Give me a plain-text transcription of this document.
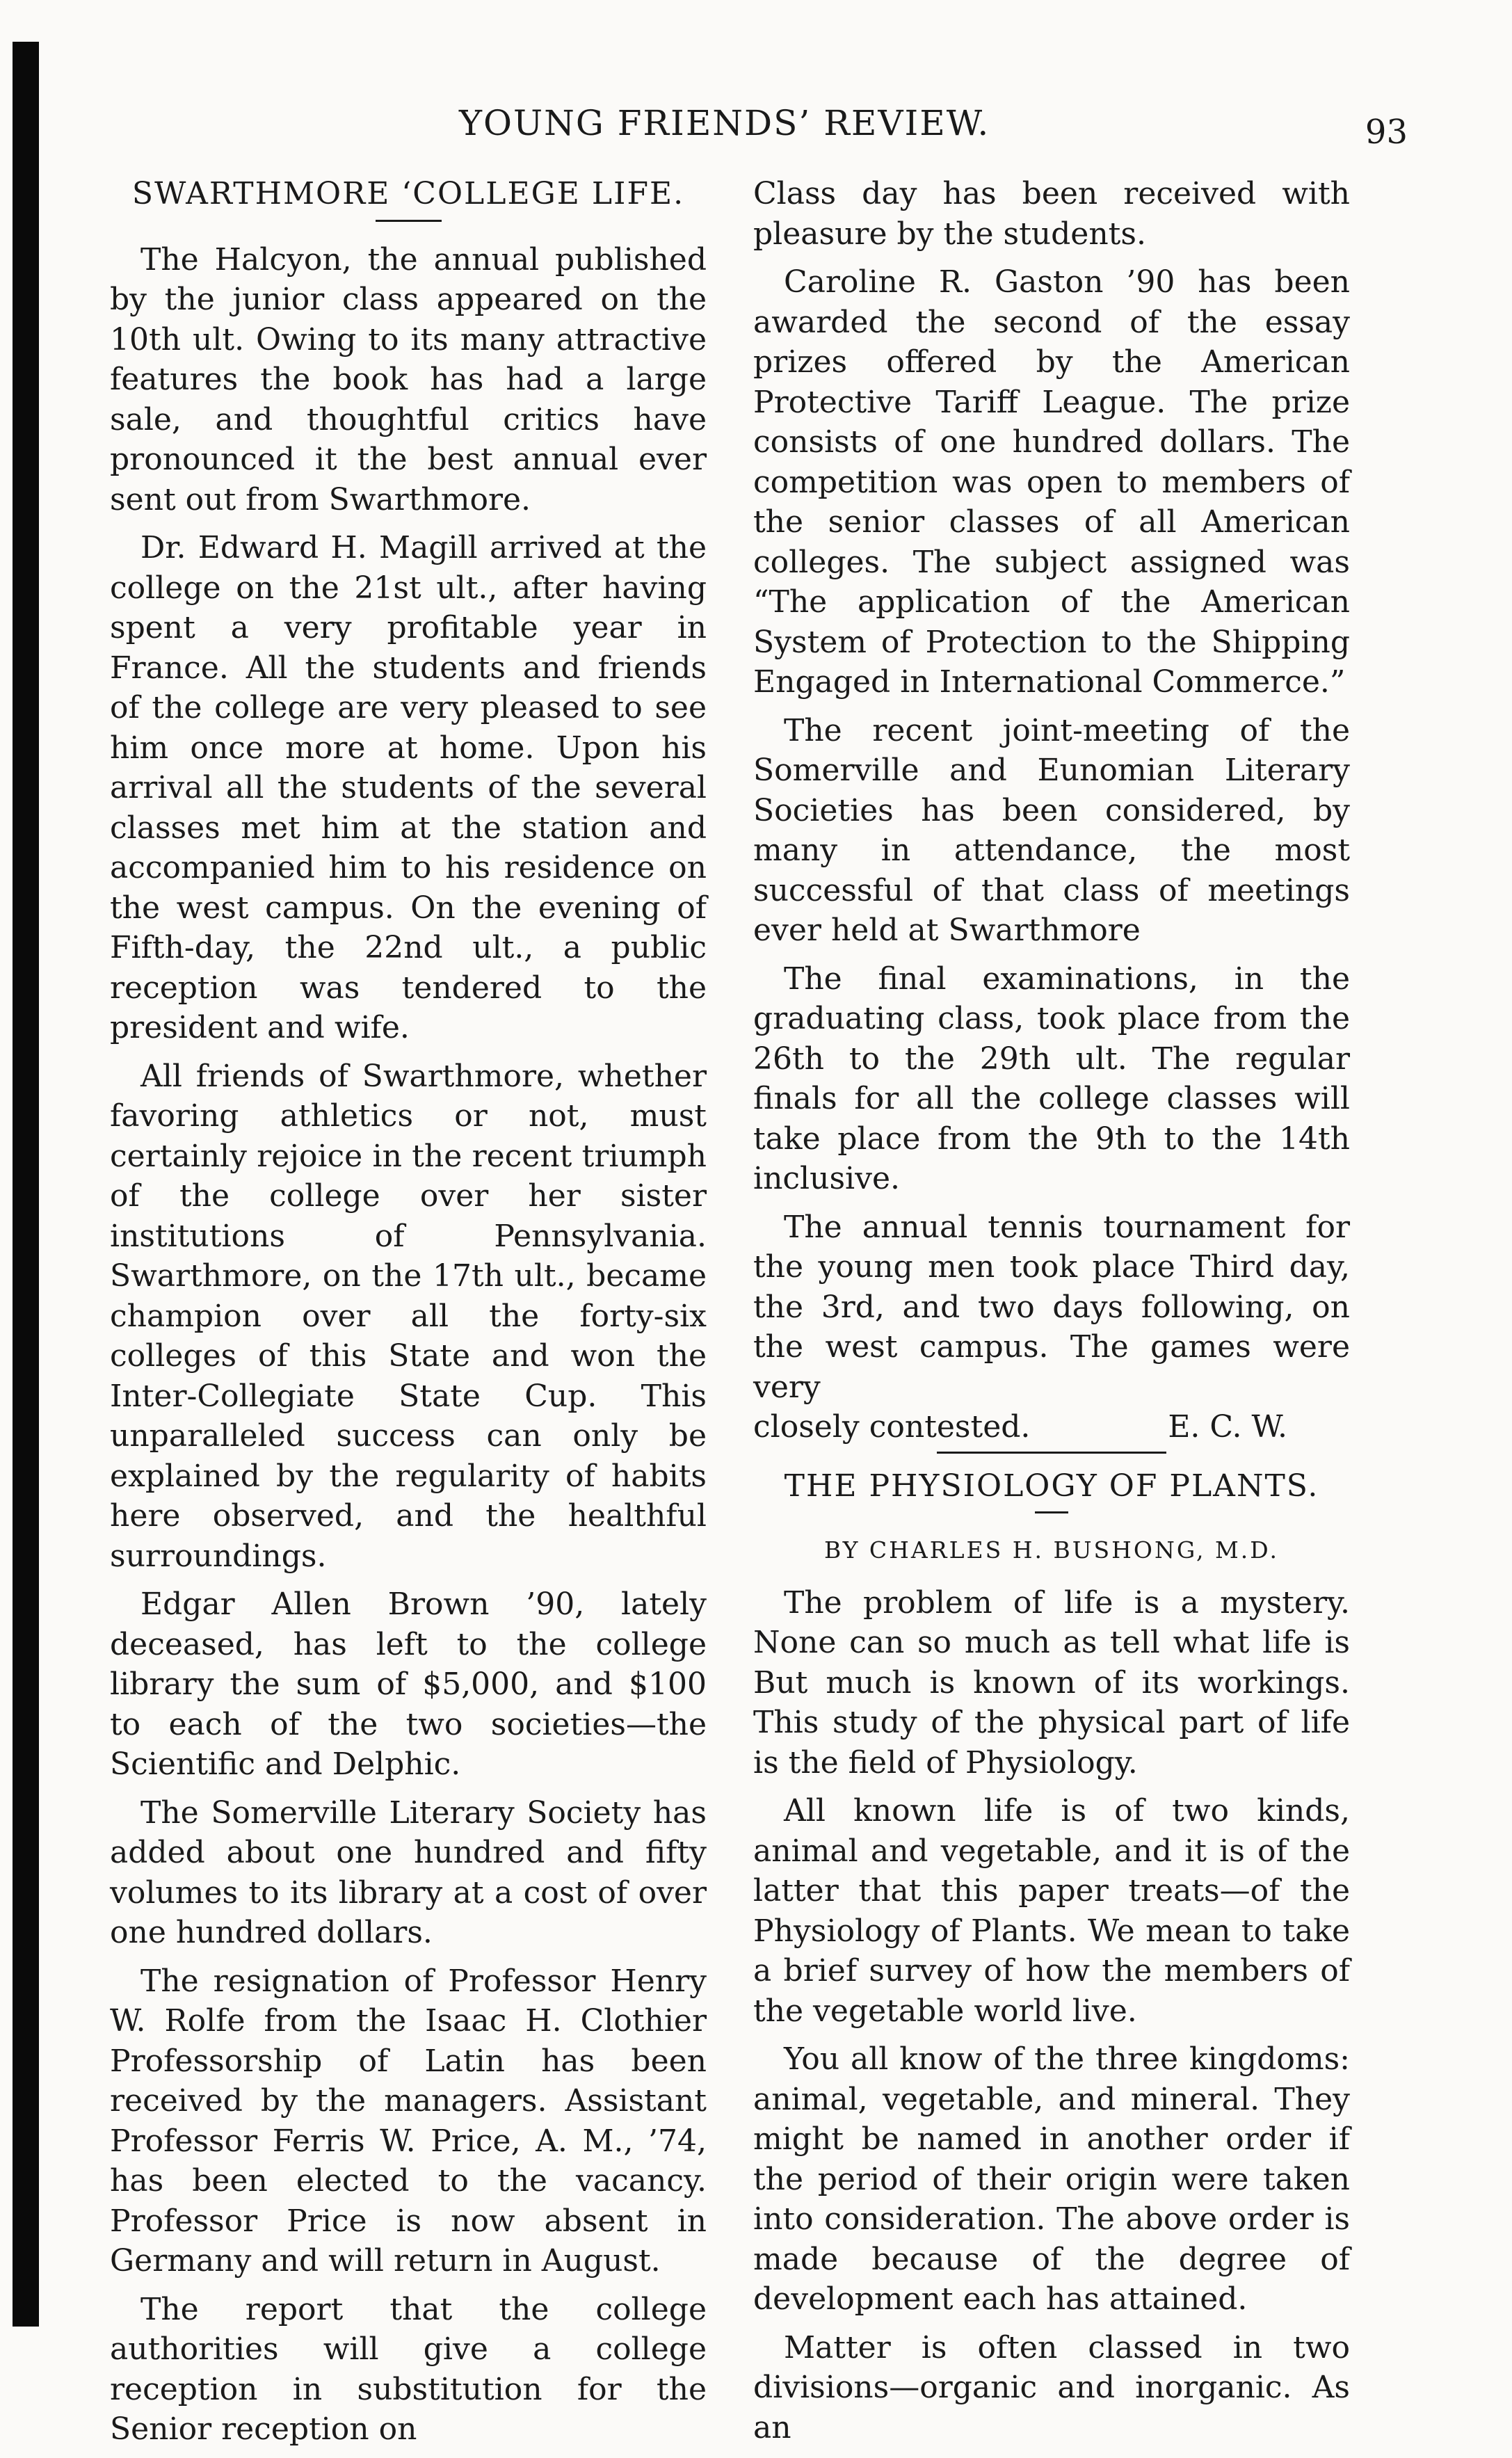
YOUNG FRIENDS’ REVIEW.	93
SWARTHMORE ‘COLLEGE LIFE.

The Halcyon, the annual published by the junior class appeared on the 10th ult. Owing to its many attractive features the book has had a large sale, and thoughtful critics have pronounced it the best annual ever sent out from Swarthmore.

Dr. Edward H. Magill arrived at the college on the 21st ult., after having spent a very profitable year in France. All the students and friends of the college are very pleased to see him once more at home. Upon his arrival all the students of the several classes met him at the station and accompanied him to his residence on the west campus. On the evening of Fifth-day, the 22nd ult., a public reception was tendered to the president and wife.

All friends of Swarthmore, whether favoring athletics or not, must certainly rejoice in the recent triumph of the college over her sister institutions of Pennsylvania. Swarthmore, on the 17th ult., became champion over all the forty-six colleges of this State and won the Inter-Collegiate State Cup. This unparalleled success can only be explained by the regularity of habits here observed, and the healthful surroundings.

Edgar Allen Brown ’90, lately deceased, has left to the college library the sum of $5,000, and $100 to each of the two societies—the Scientific and Delphic.

The Somerville Literary Society has added about one hundred and fifty volumes to its library at a cost of over one hundred dollars.

The resignation of Professor Henry W. Rolfe from the Isaac H. Clothier Professorship of Latin has been received by the managers. Assistant Professor Ferris W. Price, A. M., ’74, has been elected to the vacancy. Professor Price is now absent in Germany and will return in August.

The report that the college authorities will give a college reception in substitution for the Senior reception on

Class day has been received with pleasure by the students.

Caroline R. Gaston ’90 has been awarded the second of the essay prizes offered by the American Protective Tariff League. The prize consists of one hundred dollars. The competition was open to members of the senior classes of all American colleges. The subject assigned was “The application of the American System of Protection to the Shipping Engaged in International Commerce.”

The recent joint-meeting of the Somerville and Eunomian Literary Societies has been considered, by many in attendance, the most successful of that class of meetings ever held at Swarthmore

The final examinations, in the graduating class, took place from the 26th to the 29th ult. The regular finals for all the college classes will take place from the 9th to the 14th inclusive.

The annual tennis tournament for the young men took place Third day, the 3rd, and two days following, on the west campus. The games were very

closely contested.	E. C. W.
THE PHYSIOLOGY OF PLANTS.
BY CHARLES H. BUSHONG, M.D.

The problem of life is a mystery. None can so much as tell what life is But much is known of its workings. This study of the physical part of life is the field of Physiology.

All known life is of two kinds, animal and vegetable, and it is of the latter that this paper treats—of the Physiology of Plants. We mean to take a brief survey of how the members of the vegetable world live.

You all know of the three kingdoms: animal, vegetable, and mineral. They might be named in another order if the period of their origin were taken into consideration. The above order is made because of the degree of development each has attained.

Matter is often classed in two divisions—organic and inorganic. As an
